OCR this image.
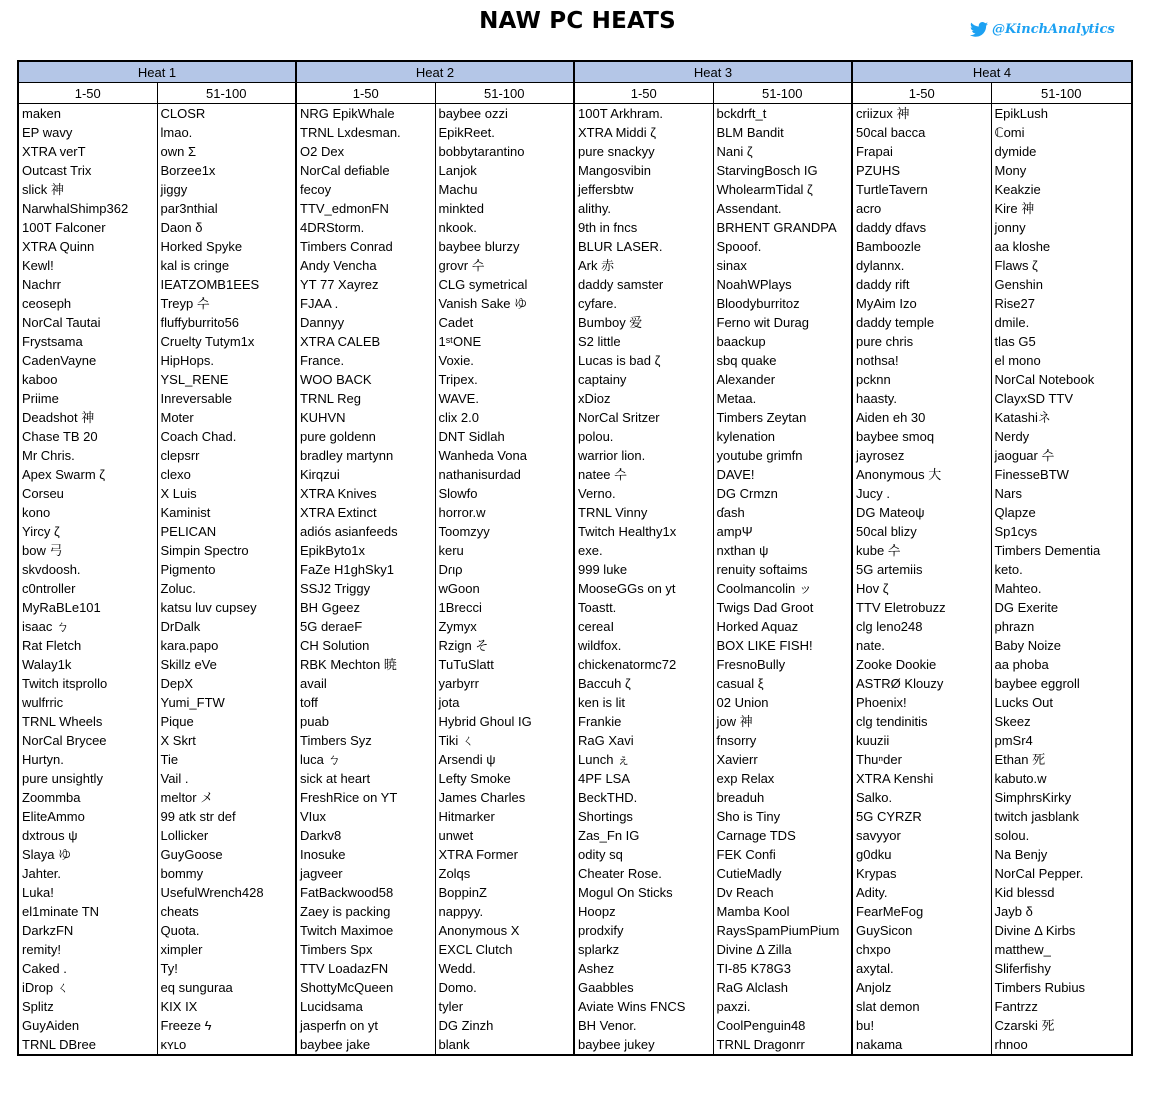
NAW PC HEATS	@KinchAnalytics
Heat 1		Heat 2		Heat 3		Heat 4	
1-50	51-100	1-50	51-100	1-50	51-100	1-50	51-100
maken	CLOSR	NRG EpikWhale	baybee ozzi	100T Arkhram.	bckdrft_t	criizux 神	EpikLush
EP wavy	lmao.	TRNL Lxdesman.	EpikReet.	XTRA Middi ζ	BLM Bandit	50cal bacca	ℂomi
XTRA verT	own Σ	O2 Dex	bobbytarantino	pure snackyy	Nani ζ	Frapai	dymide
Outcast Trix	Borzee1x	NorCal defiable	Lanjok	Mangosvibin	StarvingBosch IG	PZUHS	Mony
slick 神	jiggy	fecoy	Machu	jeffersbtw	WholearmTidal ζ	TurtleTavern	Keakzie
NarwhalShimp362	par3nthial	TTV_edmonFN	minkted	alithy.	Assendant.	acro	Kire 神
100T Falconer	Daon δ	4DRStorm.	nkook.	9th in fncs	BRHENT GRANDPA	daddy dfavs	jonny
XTRA Quinn	Horked Spyke	Timbers Conrad	baybee blurzy	BLUR LASER.	Spooof.	Bamboozle	aa kloshe
Kewl!	kal is cringe	Andy Vencha	grovr 수	Ark 赤	sinax	dylannx.	Flaws ζ
Nachrr	IEATZOMB1EES	YT 77 Xayrez	CLG symetrical	daddy samster	NoahWPlays	daddy rift	Genshin
ceoseph	Treyp 수	FJAA .	Vanish Sake ゆ	cyfare.	Bloodyburritoz	MyAim Izo	Rise27
NorCal Tautai	fluffyburrito56	Dannyy	Cadet	Bumboy 爱	Ferno wit Durag	daddy temple	dmile.
Frystsama	Cruelty Tutym1x	XTRA CALEB	1ˢᵗONE	S2 little	baackup	pure chris	tlas G5
CadenVayne	HipHops.	France.	Voxie.	Lucas is bad ζ	sbq quake	nothsa!	el mono
kaboo	YSL_RENE	WOO BACK	Tripex.	captainy	Alexander	pcknn	NorCal Notebook
Priime	Inreversable	TRNL Reg	WAVE.	xDioz	Metaa.	haasty.	ClayxSD TTV
Deadshot 神	Moter	KUHVN	clix 2.0	NorCal Sritzer	Timbers Zeytan	Aiden eh 30	Katashiネ
Chase TB 20	Coach Chad.	pure goldenn	DNT Sidlah	polou.	kylenation	baybee smoq	Nerdy
Mr Chris.	clepsrr	bradley martynn	Wanheda Vona	warrior lion.	youtube grimfn	jayrosez	jaoguar 수
Apex Swarm ζ	clexo	Kirqzui	nathanisurdad	natee 수	DAVE!	Anonymous 大	FinesseBTW
Corseu	X Luis	XTRA Knives	Slowfo	Verno.	DG Crmzn	Jucy .	Nars
kono	Kaminist	XTRA Extinct	horror.w	TRNL Vinny	ɗash	DG Mateoψ	Qlapze
Yircy ζ	PELICAN	adiós asianfeeds	Toomzyy	Twitch Healthy1x	ampΨ	50cal blizy	Sp1cys
bow 弓	Simpin Spectro	EpikByto1x	keru	exe.	nxthan ψ	kube 수	Timbers Dementia
skvdoosh.	Pigmento	FaZe H1ghSky1	Dɾιρ	999 luke	renuity softaims	5G artemiis	keto.
c0ntroller	Zoluc.	SSJ2 Triggy	wGoon	MooseGGs on yt	Coolmancolin ッ	Hov ζ	Mahteo.
MyRaBLe101	katsu luv cupsey	BH Ggeez	1Brecci	Toastt.	Twigs Dad Groot	TTV Eletrobuzz	DG Exerite
isaac ㄅ	DrDalk	5G deraeF	Zymyx	cereaI	Horked Aquaz	clg leno248	phrazn
Rat Fletch	kara.papo	CH Solution	Rzign そ	wildfox.	BOX LIKE FISH!	nate.	Baby Noize
Walay1k	Skillz eVe	RBK Mechton 暁	TuTuSlatt	chickenatormc72	FresnoBully	Zooke Dookie	aa phoba
Twitch itsprollo	DepX	avail	yarbyrr	Baccuh ζ	casual ξ	ASTRØ Klouzy	baybee eggroll
wulfrric	Yumi_FTW	toff	jota	ken is lit	02 Union	Phoenix!	Lucks Out
TRNL Wheels	Pique	puab	Hybrid Ghoul IG	Frankie	jow 神	clg tendinitis	Skeez
NorCal Brycee	X Skrt	Timbers Syz	Tiki ㄑ	RaG Xavi	fnsorry	kuuzii	pmSr4
Hurtyn.	Tie	luca ㄅ	Arsendi ψ	Lunch ぇ	Xavierr	Thuⁿder	Ethan 死
pure unsightly	Vail .	sick at heart	Lefty Smoke	4PF LSA	exp Relax	XTRA Kenshi	kabuto.w
Zoommba	meltor メ	FreshRice on YT	James Charles	BeckTHD.	breaduh	Salko.	SimphrsKirky
EliteAmmo	99 atk str def	VIux	Hitmarker	Shortings	Sho is Tiny	5G CYRZR	twitch jasblank
dxtrous ψ	Lollicker	Darkv8	unwet	Zas_Fn IG	Carnage TDS	savyyor	solou.
Slaya ゆ	GuyGoose	Inosuke	XTRA Former	odity sq	FEK Confi	g0dku	Na Benjy
Jahter.	bommy	jagveer	Zolqs	Cheater Rose.	CutieMadly	Krypas	NorCal Pepper.
Luka!	UsefulWrench428	FatBackwood58	BoppinZ	Mogul On Sticks	Dv Reach	Adity.	Kid blessd
el1minate TN	cheats	Zaey is packing	nappyy.	Hoopz	Mamba Kool	FearMeFog	Jayb δ
DarkzFN	Quota.	Twitch Maximoe	Anonymous X	prodxify	RaysSpamPiumPium	GuySicon	Divine Δ Kirbs
remity!	ximpler	Timbers Spx	EXCL Clutch	splarkz	Divine Δ Zilla	chxpo	matthew_
Caked .	Ty!	TTV LoadazFN	Wedd.	Ashez	TI-85 K78G3	axytal.	Sliferfishy
iDrop ㄑ	eq sunguraa	ShottyMcQueen	Domo.	Gaabbles	RaG Alclash	Anjolz	Timbers Rubius
Splitz	KIX IX	Lucidsama	tyler	Aviate Wins FNCS	paxzi.	slat demon	Fantrzz
GuyAiden	Freeze ϟ	jasperfn on yt	DG Zinzh	BH Venor.	CoolPenguin48	bu!	Czarski 死
TRNL DBree	ᴋʏʟᴏ	baybee jake	blank	baybee jukey	TRNL Dragonrr	nakama	rhnoo
